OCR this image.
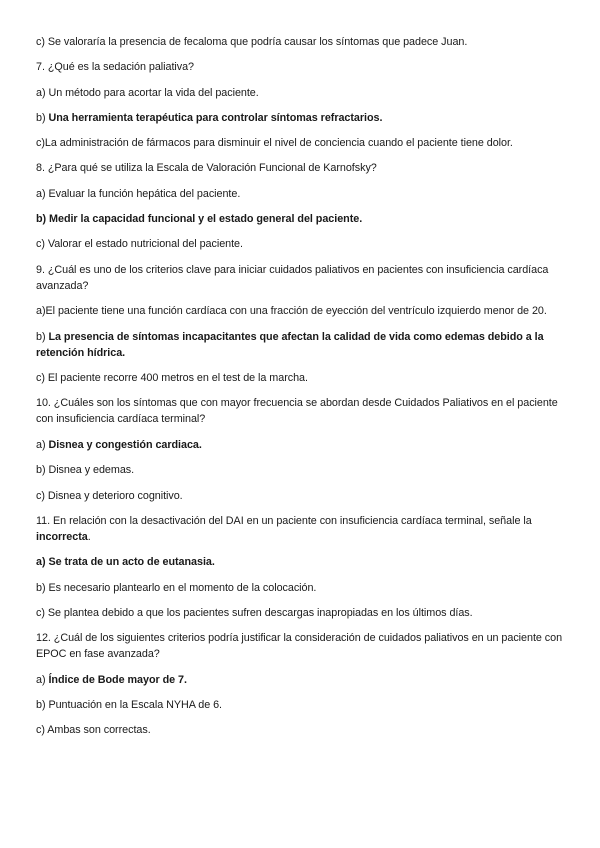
c) Se valoraría la presencia de fecaloma que podría causar los síntomas que padece Juan.

7. ¿Qué es la sedación paliativa?

a) Un método para acortar la vida del paciente.

b) Una herramienta terapéutica para controlar síntomas refractarios.

c)La administración de fármacos para disminuir el nivel de conciencia cuando el paciente tiene dolor.

8. ¿Para qué se utiliza la Escala de Valoración Funcional de Karnofsky?

a) Evaluar la función hepática del paciente.

b) Medir la capacidad funcional y el estado general del paciente.

c) Valorar el estado nutricional del paciente.

9. ¿Cuál es uno de los criterios clave para iniciar cuidados paliativos en pacientes con insuficiencia cardíaca avanzada?

a)El paciente tiene una función cardíaca con una fracción de eyección del ventrículo izquierdo menor de 20.

b) La presencia de síntomas incapacitantes que afectan la calidad de vida como edemas debido a la retención hídrica.

c) El paciente recorre 400 metros en el test de la marcha.

10. ¿Cuáles son los síntomas que con mayor frecuencia se abordan desde Cuidados Paliativos en el paciente con insuficiencia cardíaca terminal?

a) Disnea y congestión cardiaca.

b) Disnea y edemas.

c) Disnea y deterioro cognitivo.

11. En relación con la desactivación del DAI en un paciente con insuficiencia cardíaca terminal, señale la incorrecta.

a) Se trata de un acto de eutanasia.

b) Es necesario plantearlo en el momento de la colocación.

c) Se plantea debido a que los pacientes sufren descargas inapropiadas en los últimos días.

12. ¿Cuál de los siguientes criterios podría justificar la consideración de cuidados paliativos en un paciente con EPOC en fase avanzada?

a) Índice de Bode mayor de 7.

b) Puntuación en la Escala NYHA de 6.

c) Ambas son correctas.
